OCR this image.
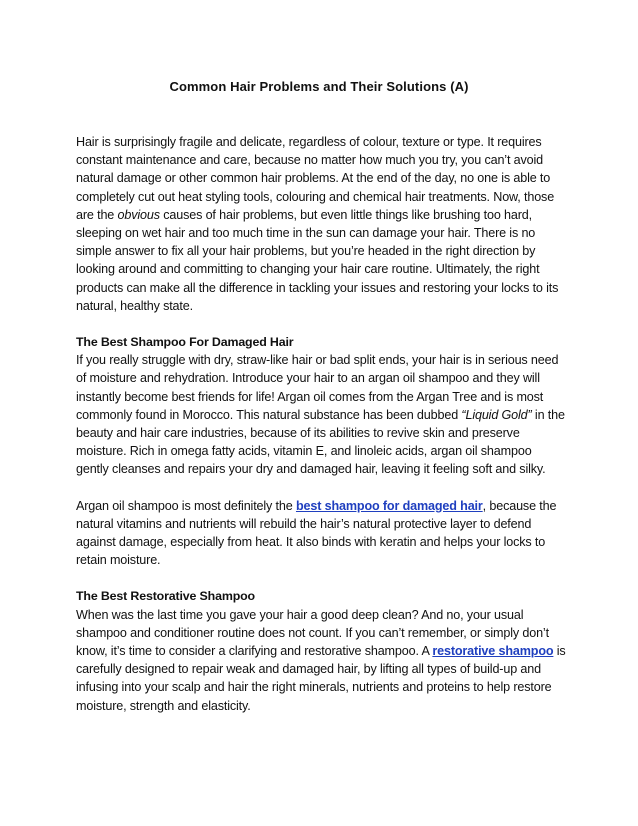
Common Hair Problems and Their Solutions (A)

Hair is surprisingly fragile and delicate, regardless of colour, texture or type. It requires constant maintenance and care, because no matter how much you try, you can’t avoid natural damage or other common hair problems. At the end of the day, no one is able to completely cut out heat styling tools, colouring and chemical hair treatments. Now, those are the obvious causes of hair problems, but even little things like brushing too hard, sleeping on wet hair and too much time in the sun can damage your hair. There is no simple answer to fix all your hair problems, but you’re headed in the right direction by looking around and committing to changing your hair care routine. Ultimately, the right products can make all the difference in tackling your issues and restoring your locks to its natural, healthy state.

The Best Shampoo For Damaged Hair

If you really struggle with dry, straw-like hair or bad split ends, your hair is in serious need of moisture and rehydration. Introduce your hair to an argan oil shampoo and they will instantly become best friends for life! Argan oil comes from the Argan Tree and is most commonly found in Morocco. This natural substance has been dubbed “Liquid Gold” in the beauty and hair care industries, because of its abilities to revive skin and preserve moisture. Rich in omega fatty acids, vitamin E, and linoleic acids, argan oil shampoo gently cleanses and repairs your dry and damaged hair, leaving it feeling soft and silky.

Argan oil shampoo is most definitely the best shampoo for damaged hair, because the natural vitamins and nutrients will rebuild the hair’s natural protective layer to defend against damage, especially from heat. It also binds with keratin and helps your locks to retain moisture.

The Best Restorative Shampoo

When was the last time you gave your hair a good deep clean? And no, your usual shampoo and conditioner routine does not count. If you can’t remember, or simply don’t know, it’s time to consider a clarifying and restorative shampoo. A restorative shampoo is carefully designed to repair weak and damaged hair, by lifting all types of build-up and infusing into your scalp and hair the right minerals, nutrients and proteins to help restore moisture, strength and elasticity.
